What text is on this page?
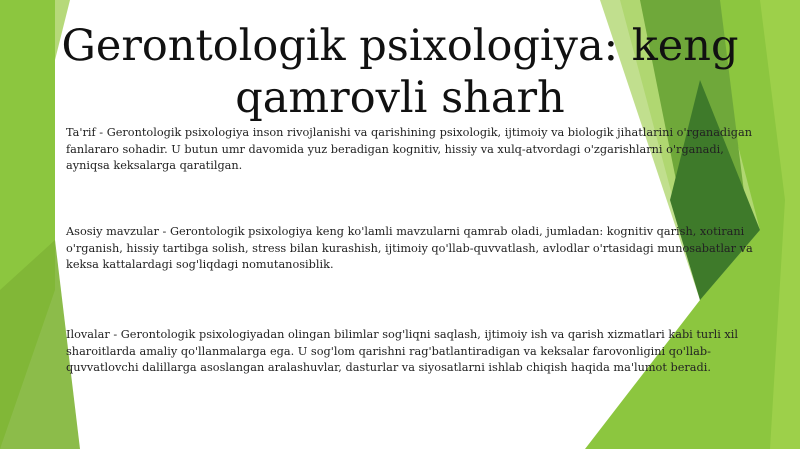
Gerontologik psixologiya: keng qamrovli sharh

Ta'rif - Gerontologik psixologiya inson rivojlanishi va qarishining psixologik, ijtimoiy va biologik jihatlarini o'rganadigan fanlararo sohadir. U butun umr davomida yuz beradigan kognitiv, hissiy va xulq-atvordagi o'zgarishlarni o'rganadi, ayniqsa keksalarga qaratilgan.

Asosiy mavzular - Gerontologik psixologiya keng ko'lamli mavzularni qamrab oladi, jumladan: kognitiv qarish, xotirani o'rganish, hissiy tartibga solish, stress bilan kurashish, ijtimoiy qo'llab-quvvatlash, avlodlar o'rtasidagi munosabatlar va keksa kattalardagi sog'liqdagi nomutanosiblik.

Ilovalar - Gerontologik psixologiyadan olingan bilimlar sog'liqni saqlash, ijtimoiy ish va qarish xizmatlari kabi turli xil sharoitlarda amaliy qo'llanmalarga ega. U sog'lom qarishni rag'batlantiradigan va keksalar farovonligini qo'llab-quvvatlovchi dalillarga asoslangan aralashuvlar, dasturlar va siyosatlarni ishlab chiqish haqida ma'lumot beradi.
